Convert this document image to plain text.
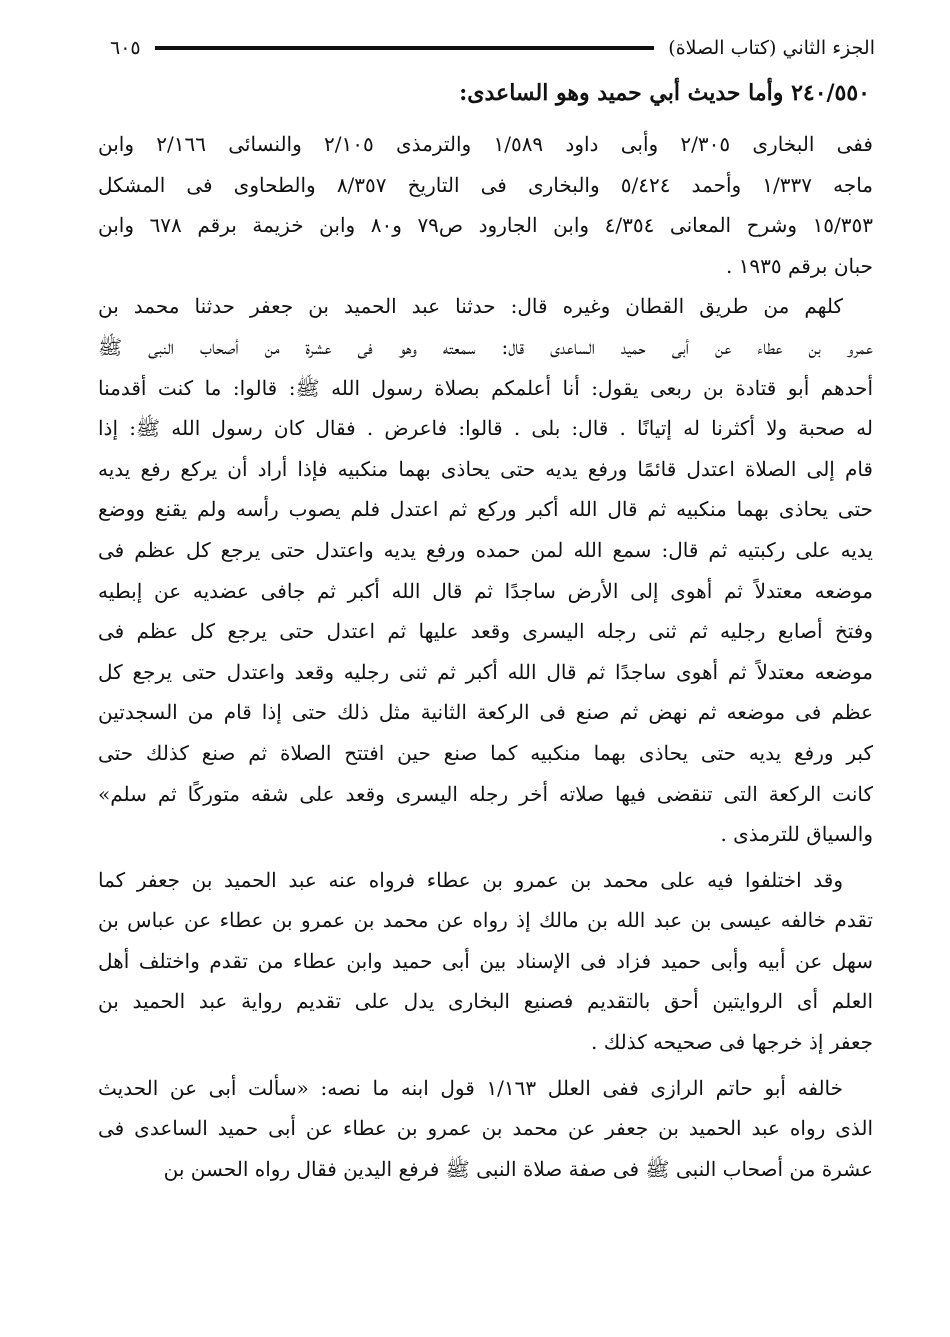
الجزء الثاني (كتاب الصلاة)
٦٠٥
٢٤٠/٥٥٠ وأما حديث أبي حميد وهو الساعدى:
ففى البخارى ٢/٣٠٥ وأبى داود ١/٥٨٩ والترمذى ٢/١٠٥ والنسائى ٢/١٦٦ وابن
ماجه ١/٣٣٧ وأحمد ٥/٤٢٤ والبخارى فى التاريخ ٨/٣٥٧ والطحاوى فى المشكل
١٥/٣٥٣ وشرح المعانى ٤/٣٥٤ وابن الجارود ص٧٩ و٨٠ وابن خزيمة برقم ٦٧٨ وابن
حبان برقم ١٩٣٥ .
كلهم من طريق القطان وغيره قال: حدثنا عبد الحميد بن جعفر حدثنا محمد بن
عمرو بن عطاء عن أبى حميد الساعدى قال: سمعته وهو فى عشرة من أصحاب النبى ﷺ
أحدهم أبو قتادة بن ربعى يقول: أنا أعلمكم بصلاة رسول الله ﷺ: قالوا: ما كنت أقدمنا
له صحبة ولا أكثرنا له إتيانًا . قال: بلى . قالوا: فاعرض . فقال كان رسول الله ﷺ: إذا
قام إلى الصلاة اعتدل قائمًا ورفع يديه حتى يحاذى بهما منكبيه فإذا أراد أن يركع رفع يديه
حتى يحاذى بهما منكبيه ثم قال الله أكبر وركع ثم اعتدل فلم يصوب رأسه ولم يقنع ووضع
يديه على ركبتيه ثم قال: سمع الله لمن حمده ورفع يديه واعتدل حتى يرجع كل عظم فى
موضعه معتدلاً ثم أهوى إلى الأرض ساجدًا ثم قال الله أكبر ثم جافى عضديه عن إبطيه
وفتخ أصابع رجليه ثم ثنى رجله اليسرى وقعد عليها ثم اعتدل حتى يرجع كل عظم فى
موضعه معتدلاً ثم أهوى ساجدًا ثم قال الله أكبر ثم ثنى رجليه وقعد واعتدل حتى يرجع كل
عظم فى موضعه ثم نهض ثم صنع فى الركعة الثانية مثل ذلك حتى إذا قام من السجدتين
كبر ورفع يديه حتى يحاذى بهما منكبيه كما صنع حين افتتح الصلاة ثم صنع كذلك حتى
كانت الركعة التى تنقضى فيها صلاته أخر رجله اليسرى وقعد على شقه متوركًا ثم سلم»
والسياق للترمذى .
وقد اختلفوا فيه على محمد بن عمرو بن عطاء فرواه عنه عبد الحميد بن جعفر كما
تقدم خالفه عيسى بن عبد الله بن مالك إذ رواه عن محمد بن عمرو بن عطاء عن عباس بن
سهل عن أبيه وأبى حميد فزاد فى الإسناد بين أبى حميد وابن عطاء من تقدم واختلف أهل
العلم أى الروايتين أحق بالتقديم فصنيع البخارى يدل على تقديم رواية عبد الحميد بن
جعفر إذ خرجها فى صحيحه كذلك .
خالفه أبو حاتم الرازى ففى العلل ١/١٦٣ قول ابنه ما نصه: «سألت أبى عن الحديث
الذى رواه عبد الحميد بن جعفر عن محمد بن عمرو بن عطاء عن أبى حميد الساعدى فى
عشرة من أصحاب النبى ﷺ فى صفة صلاة النبى ﷺ فرفع اليدين فقال رواه الحسن بن
